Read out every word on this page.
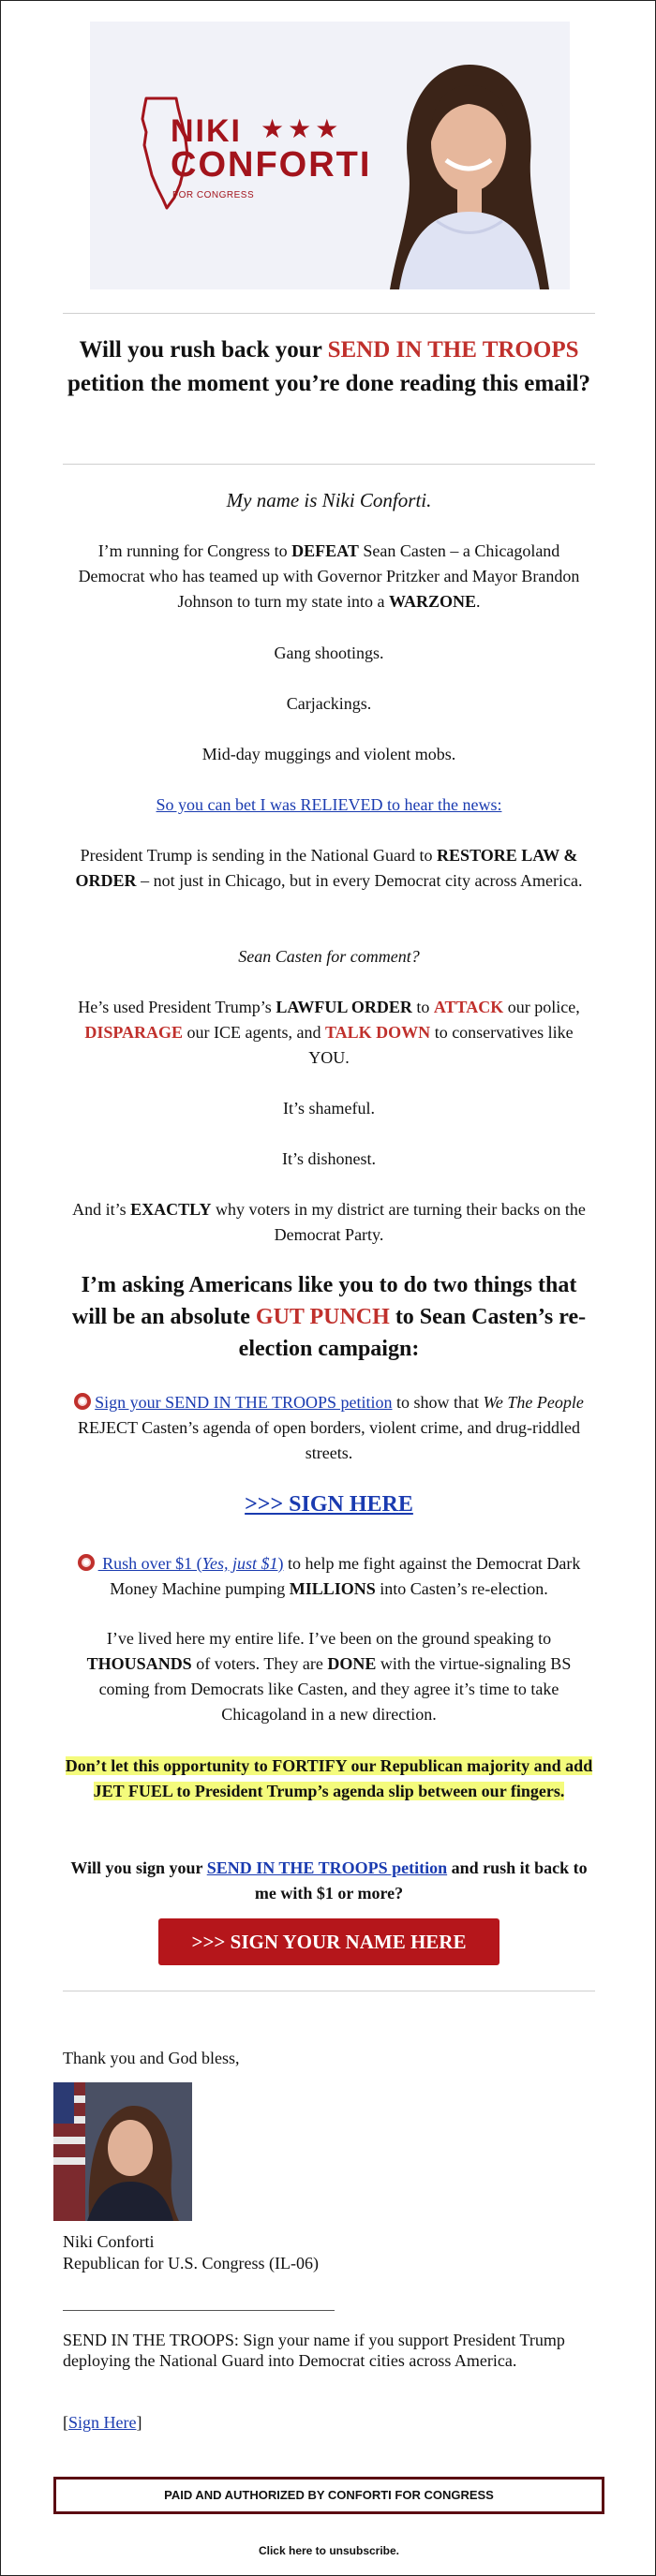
NIKI ★★★
CONFORTI
FOR CONGRESS
Will you rush back your SEND IN THE TROOPS petition the moment you’re done reading this email?
My name is Niki Conforti.
I’m running for Congress to DEFEAT Sean Casten – a Chicagoland Democrat who has teamed up with Governor Pritzker and Mayor Brandon Johnson to turn my state into a WARZONE.
Gang shootings.
Carjackings.
Mid-day muggings and violent mobs.
So you can bet I was RELIEVED to hear the news:
President Trump is sending in the National Guard to RESTORE LAW & ORDER – not just in Chicago, but in every Democrat city across America.
Sean Casten for comment?
He’s used President Trump’s LAWFUL ORDER to ATTACK our police, DISPARAGE our ICE agents, and TALK DOWN to conservatives like YOU.
It’s shameful.
It’s dishonest.
And it’s EXACTLY why voters in my district are turning their backs on the Democrat Party.
I’m asking Americans like you to do two things that will be an absolute GUT PUNCH to Sean Casten’s re-election campaign:
Sign your SEND IN THE TROOPS petition to show that We The People REJECT Casten’s agenda of open borders, violent crime, and drug-riddled streets.
>>> SIGN HERE
Rush over $1 (Yes, just $1) to help me fight against the Democrat Dark Money Machine pumping MILLIONS into Casten’s re-election.
I’ve lived here my entire life. I’ve been on the ground speaking to THOUSANDS of voters. They are DONE with the virtue-signaling BS coming from Democrats like Casten, and they agree it’s time to take Chicagoland in a new direction.
Don’t let this opportunity to FORTIFY our Republican majority and add JET FUEL to President Trump’s agenda slip between our fingers.
Will you sign your SEND IN THE TROOPS petition and rush it back to me with $1 or more?
>>> SIGN YOUR NAME HERE
Thank you and God bless,
Niki Conforti
Republican for U.S. Congress (IL-06)
SEND IN THE TROOPS: Sign your name if you support President Trump deploying the National Guard into Democrat cities across America.
[Sign Here]
PAID AND AUTHORIZED BY CONFORTI FOR CONGRESS
Click here to unsubscribe.
